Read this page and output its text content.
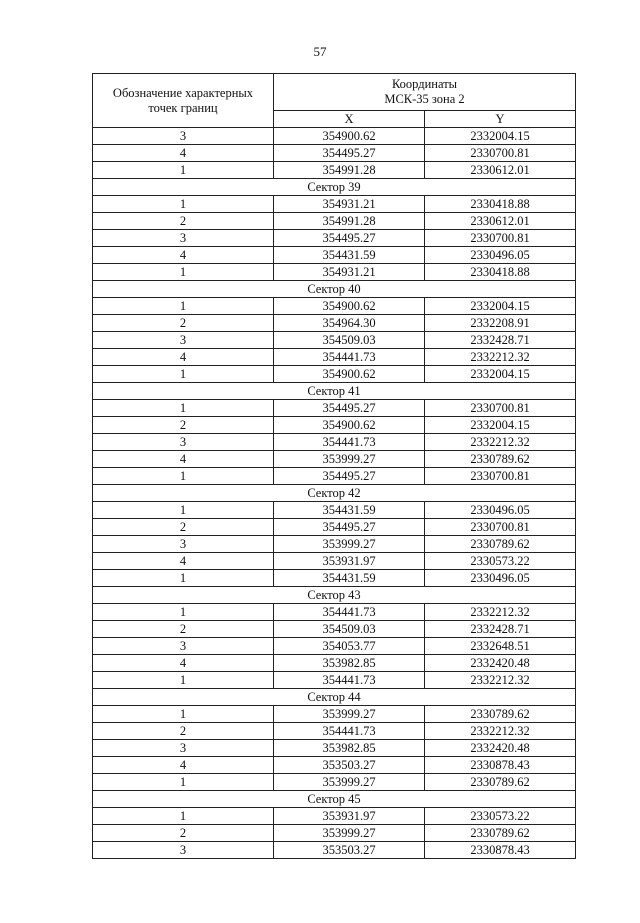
57
Обозначение характерных точек границ	Координаты
МСК-35 зона 2	

	X	Y
3	354900.62	2332004.15
4	354495.27	2330700.81
1	354991.28	2330612.01
Сектор 39		
1	354931.21	2330418.88
2	354991.28	2330612.01
3	354495.27	2330700.81
4	354431.59	2330496.05
1	354931.21	2330418.88
Сектор 40		
1	354900.62	2332004.15
2	354964.30	2332208.91
3	354509.03	2332428.71
4	354441.73	2332212.32
1	354900.62	2332004.15
Сектор 41		
1	354495.27	2330700.81
2	354900.62	2332004.15
3	354441.73	2332212.32
4	353999.27	2330789.62
1	354495.27	2330700.81
Сектор 42		
1	354431.59	2330496.05
2	354495.27	2330700.81
3	353999.27	2330789.62
4	353931.97	2330573.22
1	354431.59	2330496.05
Сектор 43		
1	354441.73	2332212.32
2	354509.03	2332428.71
3	354053.77	2332648.51
4	353982.85	2332420.48
1	354441.73	2332212.32
Сектор 44		
1	353999.27	2330789.62
2	354441.73	2332212.32
3	353982.85	2332420.48
4	353503.27	2330878.43
1	353999.27	2330789.62
Сектор 45		
1	353931.97	2330573.22
2	353999.27	2330789.62
3	353503.27	2330878.43
